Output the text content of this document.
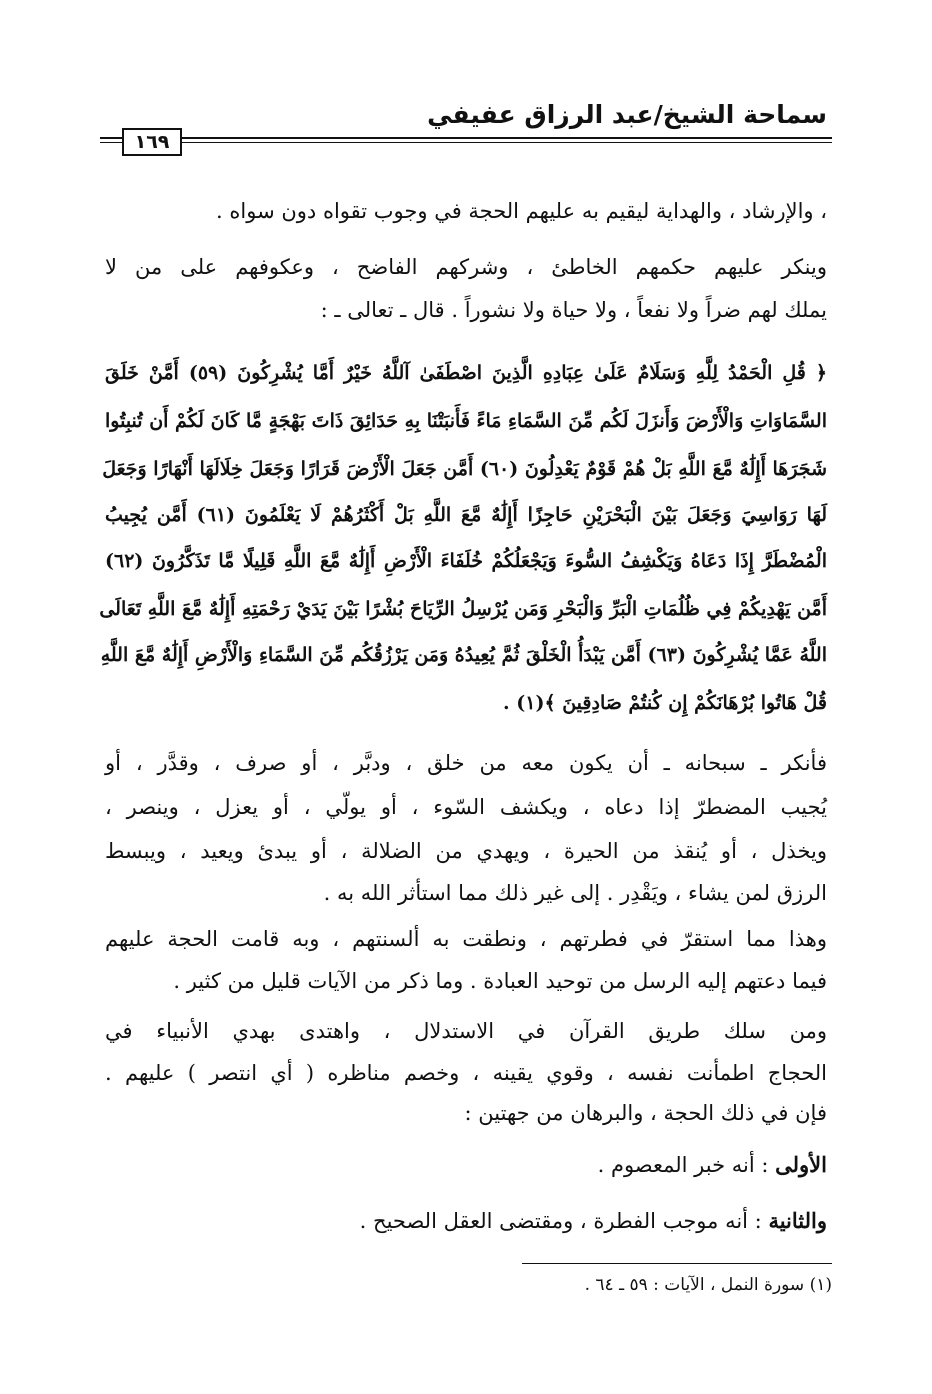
سماحة الشيخ/عبد الرزاق عفيفي
١٦٩
، والإرشاد ، والهداية ليقيم به عليهم الحجة في وجوب تقواه دون سواه .
وينكر عليهم حكمهم الخاطئ ، وشركهم الفاضح ، وعكوفهم على من لا
يملك لهم ضراً ولا نفعاً ، ولا حياة ولا نشوراً . قال ـ تعالى ـ :
﴿ قُلِ الْحَمْدُ لِلَّهِ وَسَلَامٌ عَلَىٰ عِبَادِهِ الَّذِينَ اصْطَفَىٰ آللَّهُ خَيْرٌ أَمَّا يُشْرِكُونَ (٥٩) أَمَّنْ خَلَقَ
السَّمَاوَاتِ وَالْأَرْضَ وَأَنزَلَ لَكُم مِّنَ السَّمَاءِ مَاءً فَأَنبَتْنَا بِهِ حَدَائِقَ ذَاتَ بَهْجَةٍ مَّا كَانَ لَكُمْ أَن تُنبِتُوا
شَجَرَهَا أَإِلَٰهٌ مَّعَ اللَّهِ بَلْ هُمْ قَوْمٌ يَعْدِلُونَ (٦٠) أَمَّن جَعَلَ الْأَرْضَ قَرَارًا وَجَعَلَ خِلَالَهَا أَنْهَارًا وَجَعَلَ
لَهَا رَوَاسِيَ وَجَعَلَ بَيْنَ الْبَحْرَيْنِ حَاجِزًا أَإِلَٰهٌ مَّعَ اللَّهِ بَلْ أَكْثَرُهُمْ لَا يَعْلَمُونَ (٦١) أَمَّن يُجِيبُ
الْمُضْطَرَّ إِذَا دَعَاهُ وَيَكْشِفُ السُّوءَ وَيَجْعَلُكُمْ خُلَفَاءَ الْأَرْضِ أَإِلَٰهٌ مَّعَ اللَّهِ قَلِيلًا مَّا تَذَكَّرُونَ (٦٢)
أَمَّن يَهْدِيكُمْ فِي ظُلُمَاتِ الْبَرِّ وَالْبَحْرِ وَمَن يُرْسِلُ الرِّيَاحَ بُشْرًا بَيْنَ يَدَيْ رَحْمَتِهِ أَإِلَٰهٌ مَّعَ اللَّهِ تَعَالَى
اللَّهُ عَمَّا يُشْرِكُونَ (٦٣) أَمَّن يَبْدَأُ الْخَلْقَ ثُمَّ يُعِيدُهُ وَمَن يَرْزُقُكُم مِّنَ السَّمَاءِ وَالْأَرْضِ أَإِلَٰهٌ مَّعَ اللَّهِ
قُلْ هَاتُوا بُرْهَانَكُمْ إِن كُنتُمْ صَادِقِينَ ﴾(١) .
فأنكر ـ سبحانه ـ أن يكون معه من خلق ، ودبَّر ، أو صرف ، وقدَّر ، أو
يُجيب المضطرّ إذا دعاه ، ويكشف السّوء ، أو يولّي ، أو يعزل ، وينصر ،
ويخذل ، أو يُنقذ من الحيرة ، ويهدي من الضلالة ، أو يبدئ ويعيد ، ويبسط
الرزق لمن يشاء ، ويَقْدِر . إلى غير ذلك مما استأثر الله به .
وهذا مما استقرّ في فطرتهم ، ونطقت به ألسنتهم ، وبه قامت الحجة عليهم
فيما دعتهم إليه الرسل من توحيد العبادة . وما ذكر من الآيات قليل من كثير .
ومن سلك طريق القرآن في الاستدلال ، واهتدى بهدي الأنبياء في
الحجاج اطمأنت نفسه ، وقوي يقينه ، وخصم مناظره ( أي انتصر ) عليهم .
فإن في ذلك الحجة ، والبرهان من جهتين :
الأولى : أنه خبر المعصوم .
والثانية : أنه موجب الفطرة ، ومقتضى العقل الصحيح .
(١) سورة النمل ، الآيات : ٥٩ ـ ٦٤ .
